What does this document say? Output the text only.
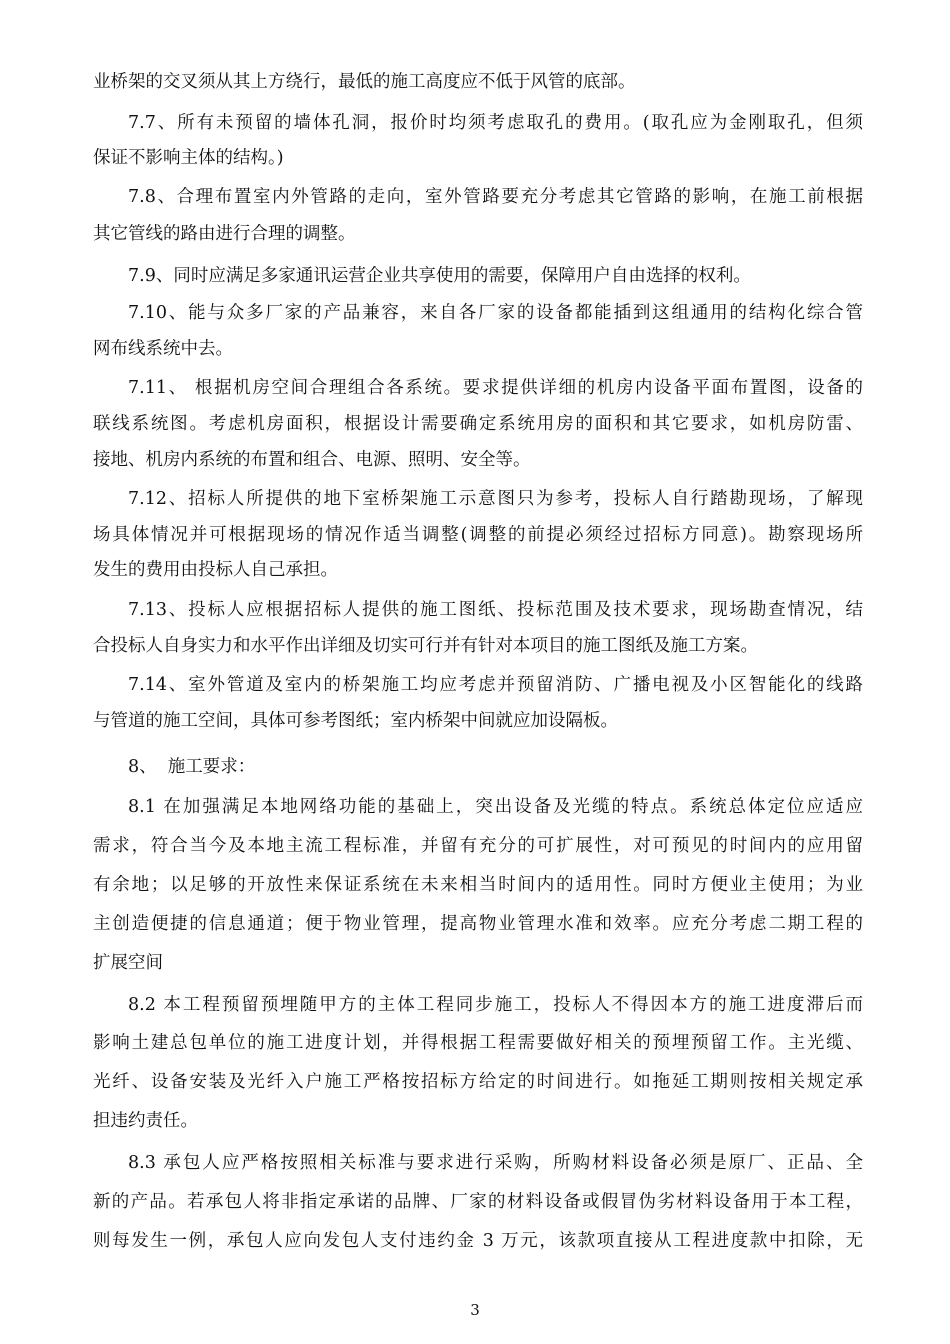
业桥架的交叉须从其上方绕行，最低的施工高度应不低于风管的底部。
7.7、所有未预留的墙体孔洞，报价时均须考虑取孔的费用。(取孔应为金刚取孔，但须
保证不影响主体的结构。)
7.8、合理布置室内外管路的走向，室外管路要充分考虑其它管路的影响，在施工前根据
其它管线的路由进行合理的调整。
7.9、同时应满足多家通讯运营企业共享使用的需要，保障用户自由选择的权利。
7.10、能与众多厂家的产品兼容，来自各厂家的设备都能插到这组通用的结构化综合管
网布线系统中去。
7.11、 根据机房空间合理组合各系统。要求提供详细的机房内设备平面布置图，设备的
联线系统图。考虑机房面积，根据设计需要确定系统用房的面积和其它要求，如机房防雷、
接地、机房内系统的布置和组合、电源、照明、安全等。
7.12、招标人所提供的地下室桥架施工示意图只为参考，投标人自行踏勘现场，了解现
场具体情况并可根据现场的情况作适当调整(调整的前提必须经过招标方同意)。勘察现场所
发生的费用由投标人自己承担。
7.13、投标人应根据招标人提供的施工图纸、投标范围及技术要求，现场勘查情况，结
合投标人自身实力和水平作出详细及切实可行并有针对本项目的施工图纸及施工方案。
7.14、室外管道及室内的桥架施工均应考虑并预留消防、广播电视及小区智能化的线路
与管道的施工空间，具体可参考图纸；室内桥架中间就应加设隔板。
8、  施工要求：
8.1 在加强满足本地网络功能的基础上，突出设备及光缆的特点。系统总体定位应适应
需求，符合当今及本地主流工程标准，并留有充分的可扩展性，对可预见的时间内的应用留
有余地；以足够的开放性来保证系统在未来相当时间内的适用性。同时方便业主使用；为业
主创造便捷的信息通道；便于物业管理，提高物业管理水准和效率。应充分考虑二期工程的
扩展空间
8.2 本工程预留预埋随甲方的主体工程同步施工，投标人不得因本方的施工进度滞后而
影响土建总包单位的施工进度计划，并得根据工程需要做好相关的预埋预留工作。主光缆、
光纤、设备安装及光纤入户施工严格按招标方给定的时间进行。如拖延工期则按相关规定承
担违约责任。
8.3 承包人应严格按照相关标准与要求进行采购，所购材料设备必须是原厂、正品、全
新的产品。若承包人将非指定承诺的品牌、厂家的材料设备或假冒伪劣材料设备用于本工程，
则每发生一例，承包人应向发包人支付违约金 3 万元，该款项直接从工程进度款中扣除，无
3
